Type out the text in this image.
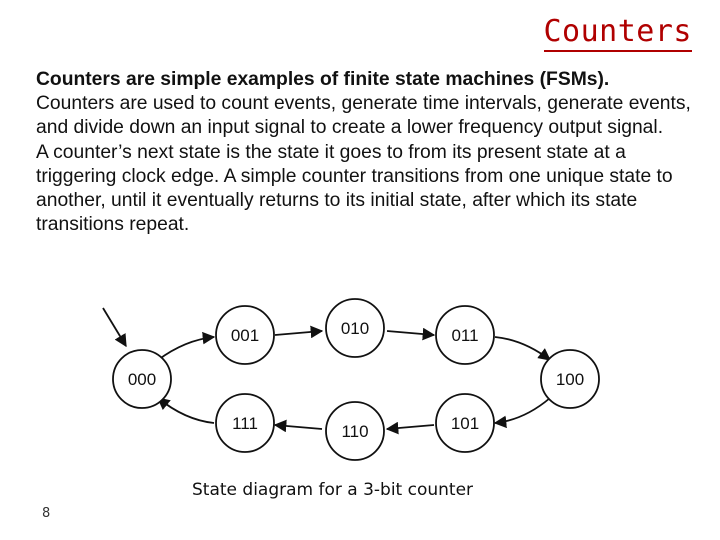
Counters

Counters are simple examples of finite state machines (FSMs).

Counters are used to count events, generate time intervals, generate events, and divide down an input signal to create a lower frequency output signal.

A counter’s next state is the state it goes to from its present state at a triggering clock edge. A simple counter transitions from one unique state to another, until it eventually returns to its initial state, after which its state transitions repeat.

000
001	010	011
100
101
110
111
State diagram for a 3-bit counter
8
